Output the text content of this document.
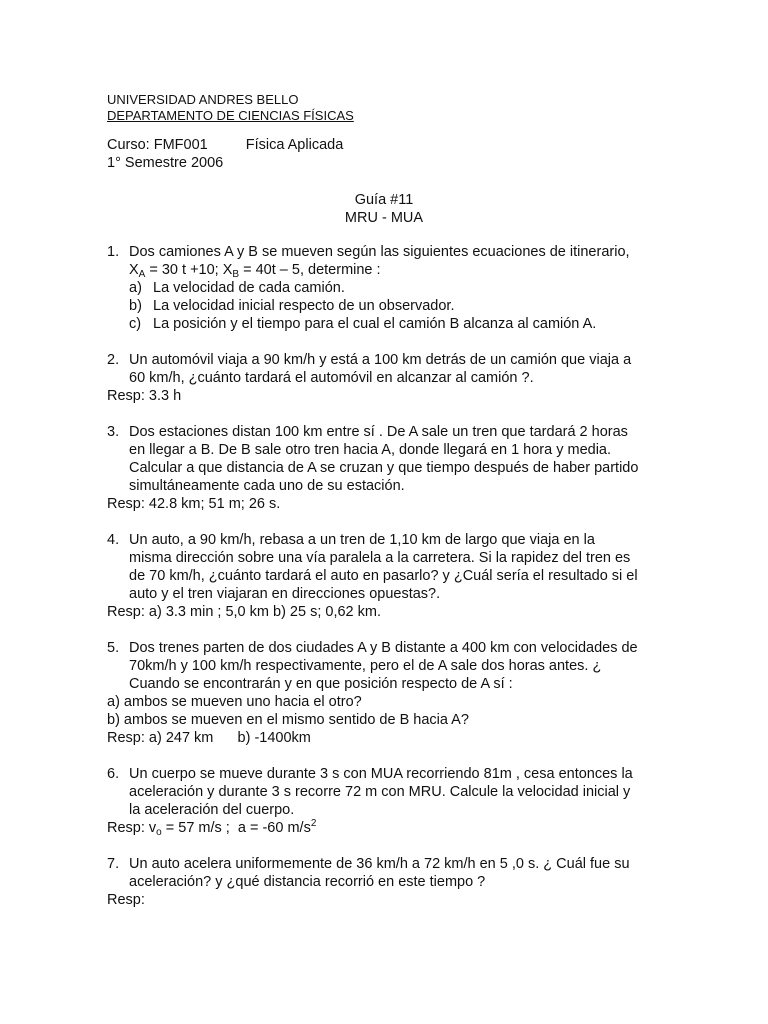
UNIVERSIDAD ANDRES BELLO
DEPARTAMENTO DE CIENCIAS FÍSICAS
Curso: FMF001	Física Aplicada
1° Semestre 2006
Guía #11
MRU - MUA
1. Dos camiones A y B se mueven según las siguientes ecuaciones de itinerario,
$X_A = 30$ t +10; $X_B = 40t - 5$, determine :
a) La velocidad de cada camión.
b) La velocidad inicial respecto de un observador.
c) La posición y el tiempo para el cual el camión B alcanza al camión A.
2. Un automóvil viaja a 90 km/h y está a 100 km detrás de un camión que viaja a
60 km/h, ¿cuánto tardará el automóvil en alcanzar al camión ?.
Resp: 3.3 h
3. Dos estaciones distan 100 km entre sí . De A sale un tren que tardará 2 horas
en llegar a B. De B sale otro tren hacia A, donde llegará en 1 hora y media.
Calcular a que distancia de A se cruzan y que tiempo después de haber partido
simultáneamente cada uno de su estación.
Resp: 42.8 km; 51 m; 26 s.
4. Un auto, a 90 km/h, rebasa a un tren de 1,10 km de largo que viaja en la
misma dirección sobre una vía paralela a la carretera. Si la rapidez del tren es
de 70 km/h, ¿cuánto tardará el auto en pasarlo? y ¿Cuál sería el resultado si el
auto y el tren viajaran en direcciones opuestas?.
Resp: a) 3.3 min ; 5,0 km b) 25 s; 0,62 km.
5. Dos trenes parten de dos ciudades A y B distante a 400 km con velocidades de
70km/h y 100 km/h respectivamente, pero el de A sale dos horas antes. ¿
Cuando se encontrarán y en que posición respecto de A sí :
a) ambos se mueven uno hacia el otro?
b) ambos se mueven en el mismo sentido de B hacia A?
Resp: a) 247 km      b) -1400km
6. Un cuerpo se mueve durante 3 s con MUA recorriendo 81m , cesa entonces la
aceleración y durante 3 s recorre 72 m con MRU. Calcule la velocidad inicial y
la aceleración del cuerpo.
Resp: $v_o = 57$ m/s ;  a = -60 $m/s^2$
7. Un auto acelera uniformemente de 36 km/h a 72 km/h en 5 ,0 s. ¿ Cuál fue su
aceleración? y ¿qué distancia recorrió en este tiempo ?
Resp:
